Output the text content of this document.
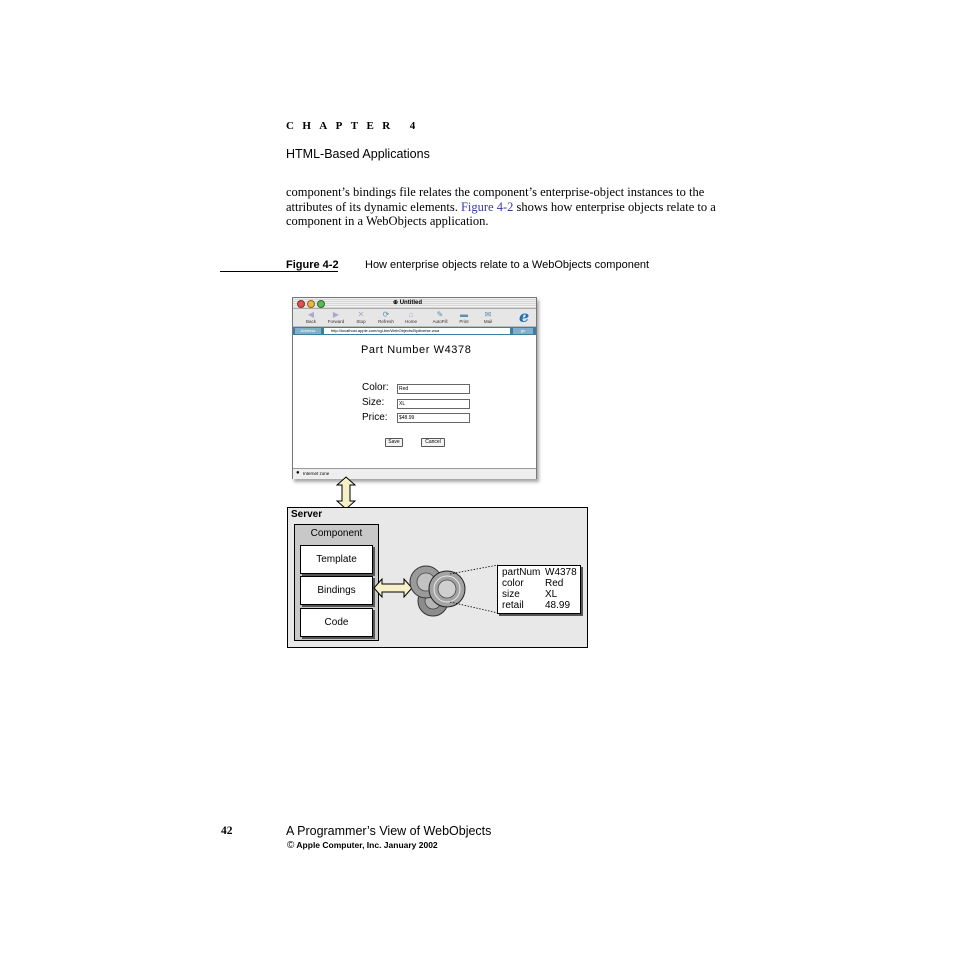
CHAPTER 4
HTML-Based Applications
component’s bindings file relates the component’s enterprise-object instances to the attributes of its dynamic elements. Figure 4-2 shows how enterprise objects relate to a component in a WebObjects application.
Figure 4-2 How enterprise objects relate to a WebObjects component
⊕ Untitled
◀
Back
▶
Forward
✕
Stop
⟳
Refresh
⌂
Home
✎
AutoFill
▬
Print
✉
Mail	e
Address	http://localhost.apple.com/cgi-bin/WebObjects/Bydiverse.woa	go
Part Number W4378
Color:	Red
Size:	XL
Price:	$48.99
Save	Cancel
● Internet zone
Server
Component
Template
Bindings
Code
partNum W4378
color Red
size	XL
retail 48.99
42	A Programmer’s View of WebObjects
© Apple Computer, Inc. January 2002
